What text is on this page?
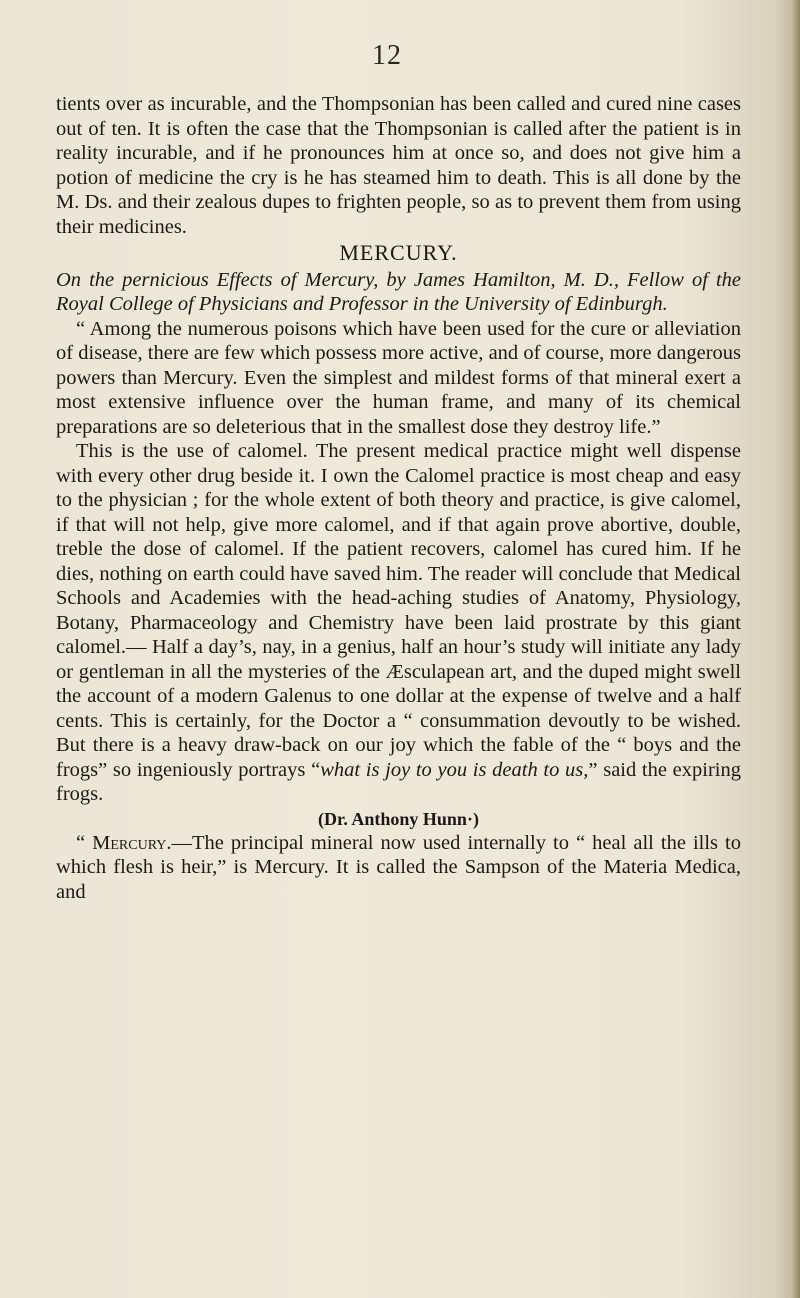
12

tients over as incurable, and the Thompsonian has been called and cured nine cases out of ten. It is often the case that the Thompsonian is called after the patient is in reality incurable, and if he pronounces him at once so, and does not give him a potion of medicine the cry is he has steamed him to death. This is all done by the M. Ds. and their zealous dupes to frighten people, so as to prevent them from using their medicines.

MERCURY.

On the pernicious Effects of Mercury, by James Hamilton, M. D., Fellow of the Royal College of Physicians and Professor in the University of Edinburgh.

“ Among the numerous poisons which have been used for the cure or alleviation of disease, there are few which possess more active, and of course, more dangerous powers than Mercury. Even the simplest and mildest forms of that mineral exert a most extensive influence over the human frame, and many of its chemical preparations are so deleterious that in the smallest dose they destroy life.”

This is the use of calomel. The present medical practice might well dispense with every other drug beside it. I own the Calomel practice is most cheap and easy to the physician ; for the whole extent of both theory and practice, is give calomel, if that will not help, give more calomel, and if that again prove abortive, double, treble the dose of calomel. If the patient recovers, calomel has cured him. If he dies, nothing on earth could have saved him. The reader will conclude that Medical Schools and Academies with the head-aching studies of Anatomy, Physiology, Botany, Pharmaceology and Chemistry have been laid prostrate by this giant calomel.— Half a day’s, nay, in a genius, half an hour’s study will initiate any lady or gentleman in all the mysteries of the Æsculapean art, and the duped might swell the account of a modern Galenus to one dollar at the expense of twelve and a half cents. This is certainly, for the Doctor a “ consummation devoutly to be wished. But there is a heavy draw-back on our joy which the fable of the “ boys and the frogs” so ingeniously portrays “what is joy to you is death to us,” said the expiring frogs.

(Dr. Anthony Hunn·)

“ Mercury.—The principal mineral now used internally to “ heal all the ills to which flesh is heir,” is Mercury. It is called the Sampson of the Materia Medica, and
